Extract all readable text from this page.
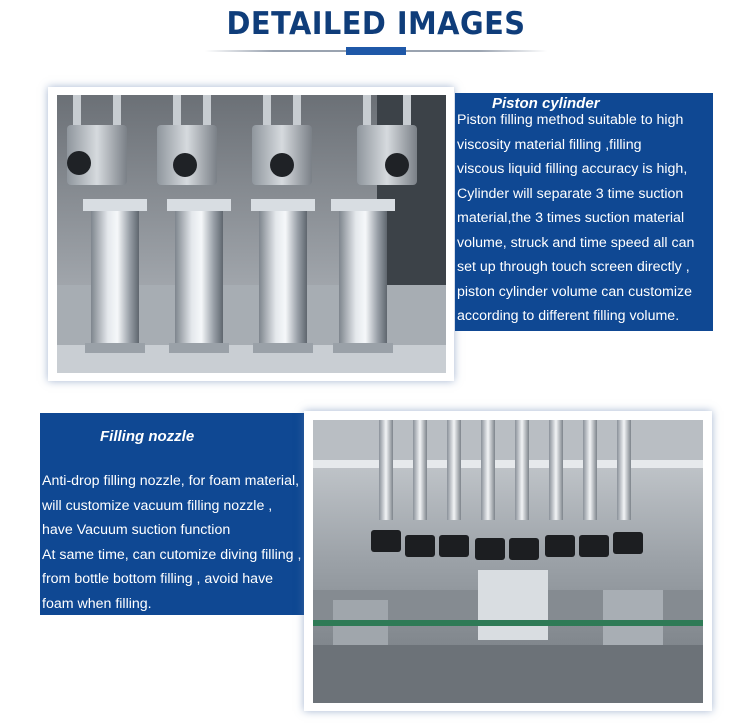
DETAILED IMAGES
Piston cylinder
Piston filling method suitable to high
viscosity material filling ,filling
viscous liquid filling accuracy is high,
Cylinder will separate 3 time suction
material,the 3 times suction material
volume, struck and time speed all can
set up through touch screen directly ,
piston cylinder volume can customize
according to different filling volume.
Filling nozzle
Anti-drop filling nozzle, for foam material,
will customize vacuum filling nozzle ,
have Vacuum suction function
At same time, can cutomize diving filling ,
from bottle bottom filling , avoid have
foam when filling.
